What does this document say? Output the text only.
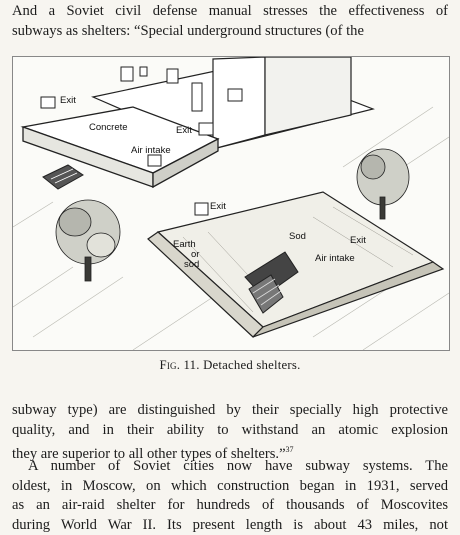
And a Soviet civil defense manual stresses the effectiveness of
subways as shelters: “Special underground structures (of the
Exit
Concrete	Exit
Air intake
Exit
Earth
or
sod
Sod	Exit
Air intake
Fig. 11. Detached shelters.
subway type) are distinguished by their specially high protective
quality, and in their ability to withstand an atomic explosion
they are superior to all other types of shelters.”$^{37}$
A number of Soviet cities now have subway systems. The
oldest, in Moscow, on which construction began in 1931, served
as an air-raid shelter for hundreds of thousands of Moscovites
during World War II. Its present length is about 43 miles, not
